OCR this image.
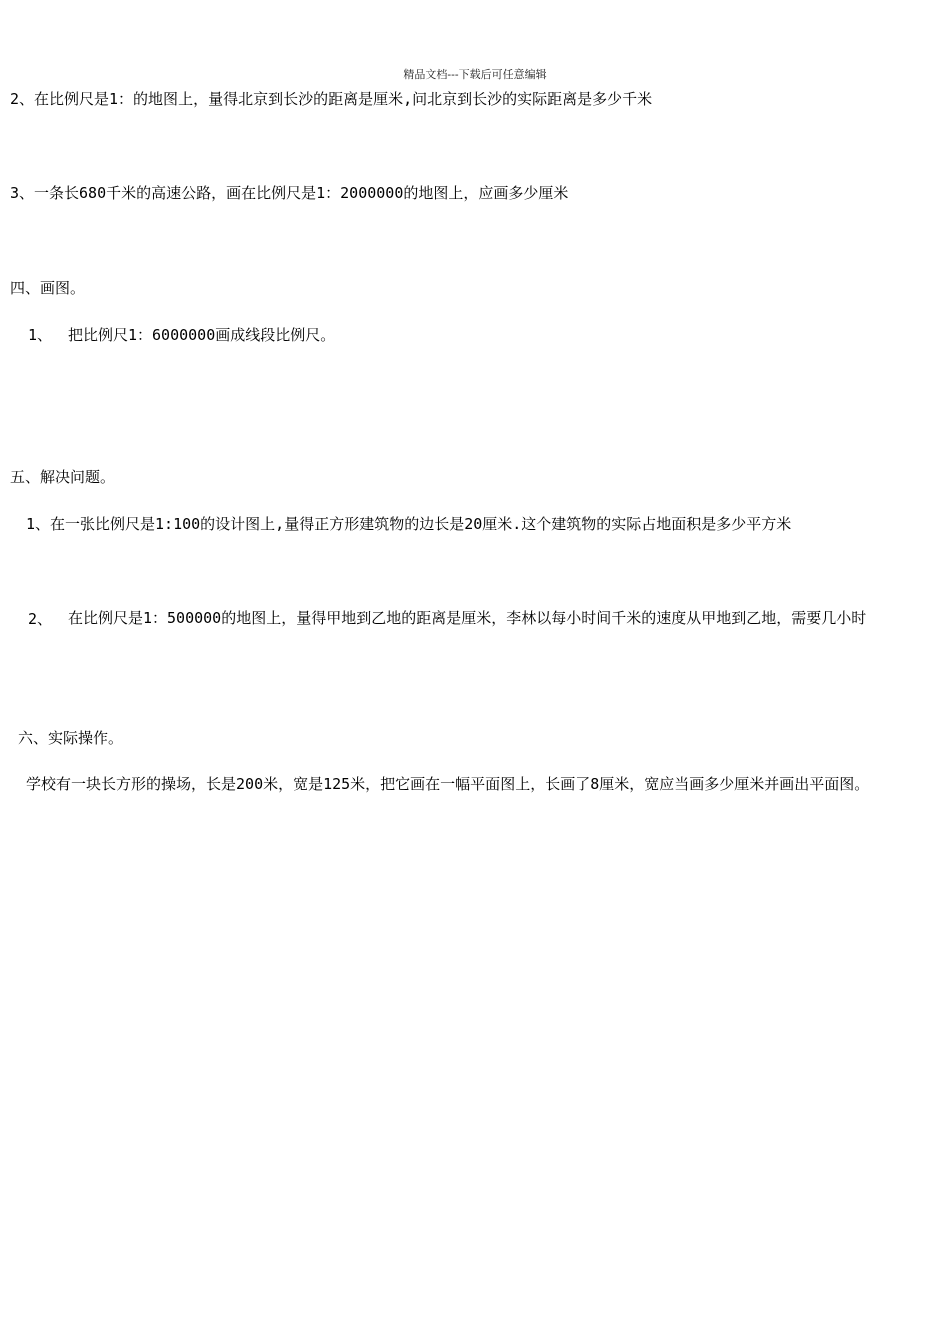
精品文档---下载后可任意编辑
2、在比例尺是1：的地图上，量得北京到长沙的距离是厘米,问北京到长沙的实际距离是多少千米
3、一条长680千米的高速公路，画在比例尺是1：2000000的地图上，应画多少厘米
四、画图。
1、 把比例尺1：6000000画成线段比例尺。
五、解决问题。
1、在一张比例尺是1:100的设计图上,量得正方形建筑物的边长是20厘米.这个建筑物的实际占地面积是多少平方米
2、 在比例尺是1：500000的地图上，量得甲地到乙地的距离是厘米，李林以每小时间千米的速度从甲地到乙地，需要几小时
六、实际操作。
学校有一块长方形的操场，长是200米，宽是125米，把它画在一幅平面图上，长画了8厘米，宽应当画多少厘米并画出平面图。
